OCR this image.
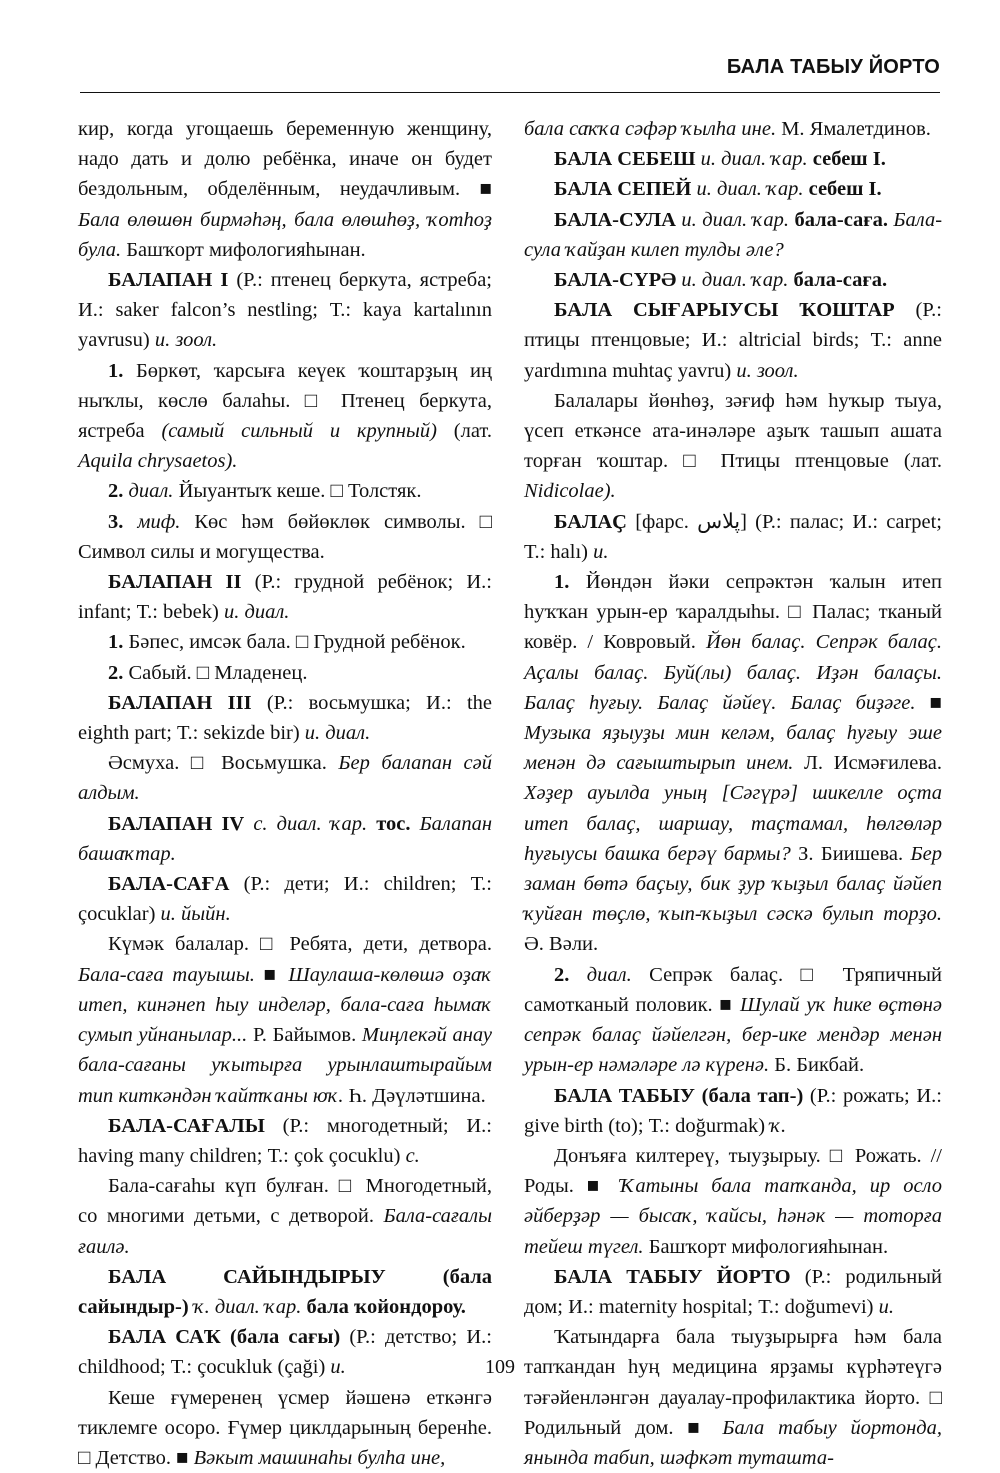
БАЛА ТАБЫУ ЙОРТО

кир, когда угощаешь беременную женщину, надо дать и долю ребёнка, иначе он будет бездольным, обделённым, неудачливым. ■ Бала өлөшөн бирмәһәң, бала өлөшһөҙ, ҡотһоҙ була. Башҡорт мифологияһынан.

БАЛАПАН I (Р.: птенец беркута, ястреба; И.: saker falcon’s nestling; Т.: kaya kartalının yavrusu) и. зоол.

1. Бөркөт, ҡарсығa кеүек ҡоштарҙың иң ныҡлы, көслө балаһы. □ Птенец беркута, ястреба (самый сильный и крупный) (лат. Aquila chrysaetos).

2. диал. Йыуантыҡ кеше. □ Толстяк.

3. миф. Көс һәм бөйөклөк символы. □ Символ силы и могущества.

БАЛАПАН II (Р.: грудной ребёнок; И.: infant; Т.: bebek) и. диал.

1. Бәпес, имсәк бала. □ Грудной ребёнок.

2. Сабый. □ Младенец.

БАЛАПАН III (Р.: восьмушка; И.: the eighth part; Т.: sekizde bir) и. диал.

Әсмуха. □ Восьмушка. Бер балапан сәй алдым.

БАЛАПАН IV с. диал. ҡар. тос. Балапан башаҡтар.

БАЛА-САҒА (Р.: дети; И.: children; Т.: çocuklar) и. йыйн.

Күмәк балалар. □ Ребята, дети, детвора. Бала-саға тауышы. ■ Шаулаша-көлөшә оҙаҡ итеп, кинәнеп һыу инделәр, бала-саға һымаҡ сумып уйнанылар... Р. Байымов. Миңлекәй анау бала-сағаны уҡытырға урынлаштырайым тип киткәндән ҡайтҡаны юҡ. Һ. Дәүләтшина.

БАЛА-САҒАЛЫ (Р.: многодетный; И.: having many children; Т.: çok çocuklu) с.

Бала-сағаһы күп булған. □ Многодетный, со многими детьми, с детворой. Бала-сағалы ғаилә.

БАЛА САЙЫНДЫРЫУ (бала сайындыр-) ҡ. диал. ҡар. бала ҡойондороу.

БАЛА САҠ (бала сағы) (Р.: детство; И.: childhood; Т.: çocukluk (çaği) и.

Кеше ғүмеренең үсмер йәшенә еткәнгә тиклемге осоро. Ғүмер циклдарының беренһе. □ Детство. ■ Вәкыт машинаһы булһа ине,

бала саҡҡа сәфәр ҡылһа ине. М. Ямалетдинов.

БАЛА СЕБЕШ и. диал. ҡар. себеш I.

БАЛА СЕПЕЙ и. диал. ҡар. себеш I.

БАЛА-СУЛА и. диал. ҡар. бала-саға. Бала-сула ҡайҙан килеп тулды әле?

БАЛА-СҮРӘ и. диал. ҡар. бала-саға.

БАЛА СЫҒАРЫУСЫ ҠОШТАР (Р.: птицы птенцовые; И.: altricial birds; Т.: anne yardımına muhtaç yavru) и. зоол.

Балалары йөнһөҙ, зәғиф һәм һуҡыр тыуа, үсеп еткәнсе ата-инәләре аҙыҡ ташып ашата торған ҡоштар. □ Птицы птенцовые (лат. Nidicolae).

БАЛАҪ [фарс. پلاس] (Р.: палас; И.: carpet; Т.: halı) и.

1. Йөндән йәки сепрәктән ҡалын итеп һуҡҡан урын-ер ҡаралдыһы. □ Палас; тканый ковёр. / Ковровый. Йөн балаҫ. Сепрәк балаҫ. Аҫалы балаҫ. Буй(лы) балаҫ. Иҙән балаҫы. Балаҫ һуғыу. Балаҫ йәйеү. Балаҫ биҙәге. ■ Музыка яҙыуҙы мин келәм, балаҫ һуғыу эше менән дә сағыштырып инем. Л. Исмәғилева. Хәҙер ауылда уның [Сәгүрә] шикелле оҫта итеп балаҫ, шаршау, таҫтамал, һөлгөләр һуғыусы башка берәү бармы? З. Биишева. Бер заман бөтә баҫыу, бик ҙур ҡыҙыл балаҫ йәйеп ҡуйған төҫлө, ҡып-ҡыҙыл сәскә булып торҙо. Ә. Вәли.

2. диал. Сепрәк балаҫ. □ Тряпичный самотканый половик. ■ Шулай уҡ һике өҫтөнә сепрәк балаҫ йәйелгән, бер-ике мендәр менән урын-ер нәмәләре лә күренә. Б. Бикбай.

БАЛА ТАБЫУ (бала тап-) (Р.: рожать; И.: give birth (to); Т.: doğurmak) ҡ.

Донъяға килтереү, тыуҙырыу. □ Рожать. // Роды. ■ Ҡатыны бала тапҡанда, ир осло әйберҙәр — бысаҡ, ҡайсы, һәнәк — тоторға тейеш түгел. Башҡорт мифологияһынан.

БАЛА ТАБЫУ ЙОРТО (Р.: родильный дом; И.: maternity hospital; Т.: doğumevi) и.

Ҡатындарға бала тыуҙырырға һәм бала тапҡандан һуң медицина ярҙамы күрһәтеүгә тәғәйенләнгән дауалау-профилактика йорто. □ Родильный дом. ■ Бала табыу йортонда, янында табип, шәфкәт туташта-

109
